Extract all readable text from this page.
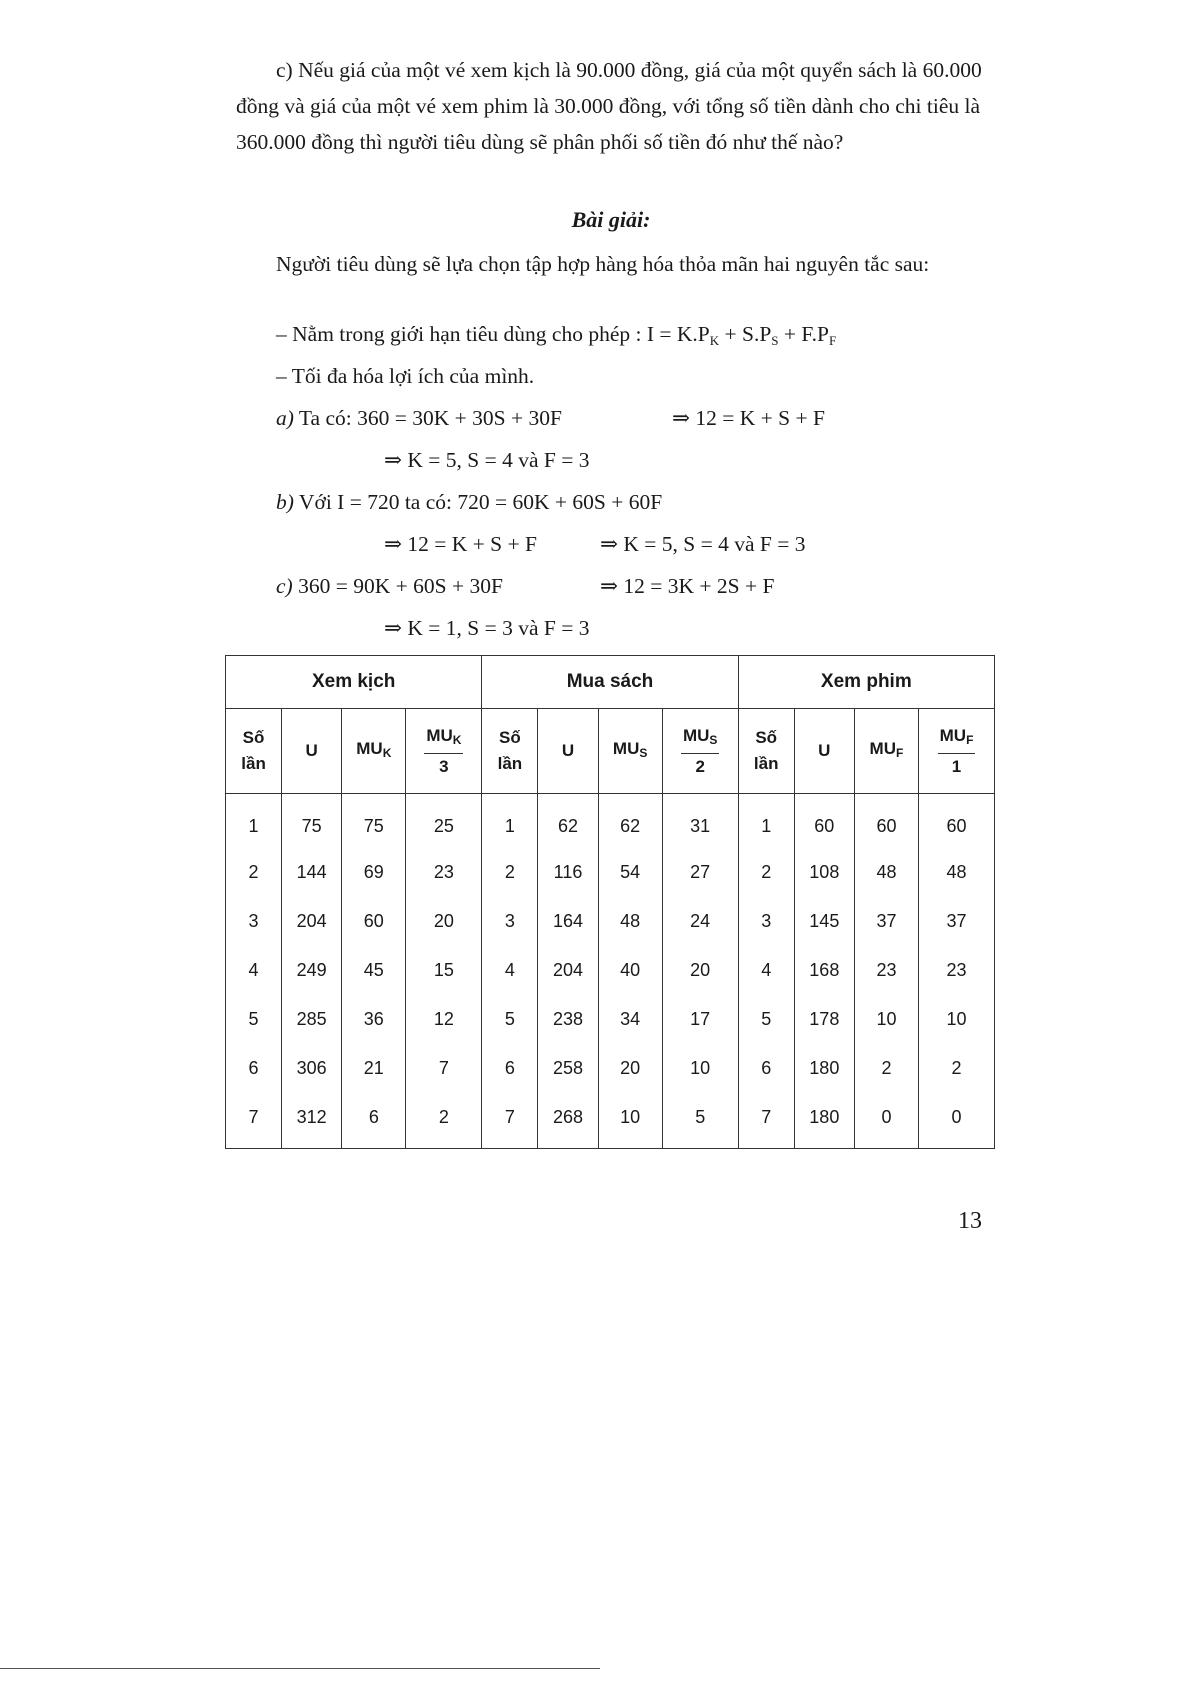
c) Nếu giá của một vé xem kịch là 90.000 đồng, giá của một quyển sách là 60.000 đồng và giá của một vé xem phim là 30.000 đồng, với tổng số tiền dành cho chi tiêu là 360.000 đồng thì người tiêu dùng sẽ phân phối số tiền đó như thế nào?

Bài giải:

Người tiêu dùng sẽ lựa chọn tập hợp hàng hóa thỏa mãn hai nguyên tắc sau:

– Nằm trong giới hạn tiêu dùng cho phép : $I = K.P_K + S.P_S + F.P_F$
– Tối đa hóa lợi ích của mình.
a) Ta có: 360 = 30K + 30S + 30F	⇒ 12 = K + S + F
⇒ K = 5, S = 4 và F = 3
b) Với I = 720 ta có: 720 = 60K + 60S + 60F
⇒ 12 = K + S + F	⇒ K = 5, S = 4 và F = 3
c) 360 = 90K + 60S + 30F	⇒ 12 = 3K + 2S + F
⇒ K = 1, S = 3 và F = 3
Xem kịch				Mua sách				Xem phim			
Số
lần	U	$MU_K$	$\frac{MU_K}{3}$	Số
lần	U	$MU_S$	$\frac{MU_S}{2}$	Số
lần	U	$MU_F$	$\frac{MU_F}{1}$

1	75	75	25	1	62	62	31	1	60	60	60
2	144	69	23	2	116	54	27	2	108	48	48
3	204	60	20	3	164	48	24	3	145	37	37
4	249	45	15	4	204	40	20	4	168	23	23
5	285	36	12	5	238	34	17	5	178	10	10
6	306	21	7	6	258	20	10	6	180	2	2
7	312	6	2	7	268	10	5	7	180	0	0
13
